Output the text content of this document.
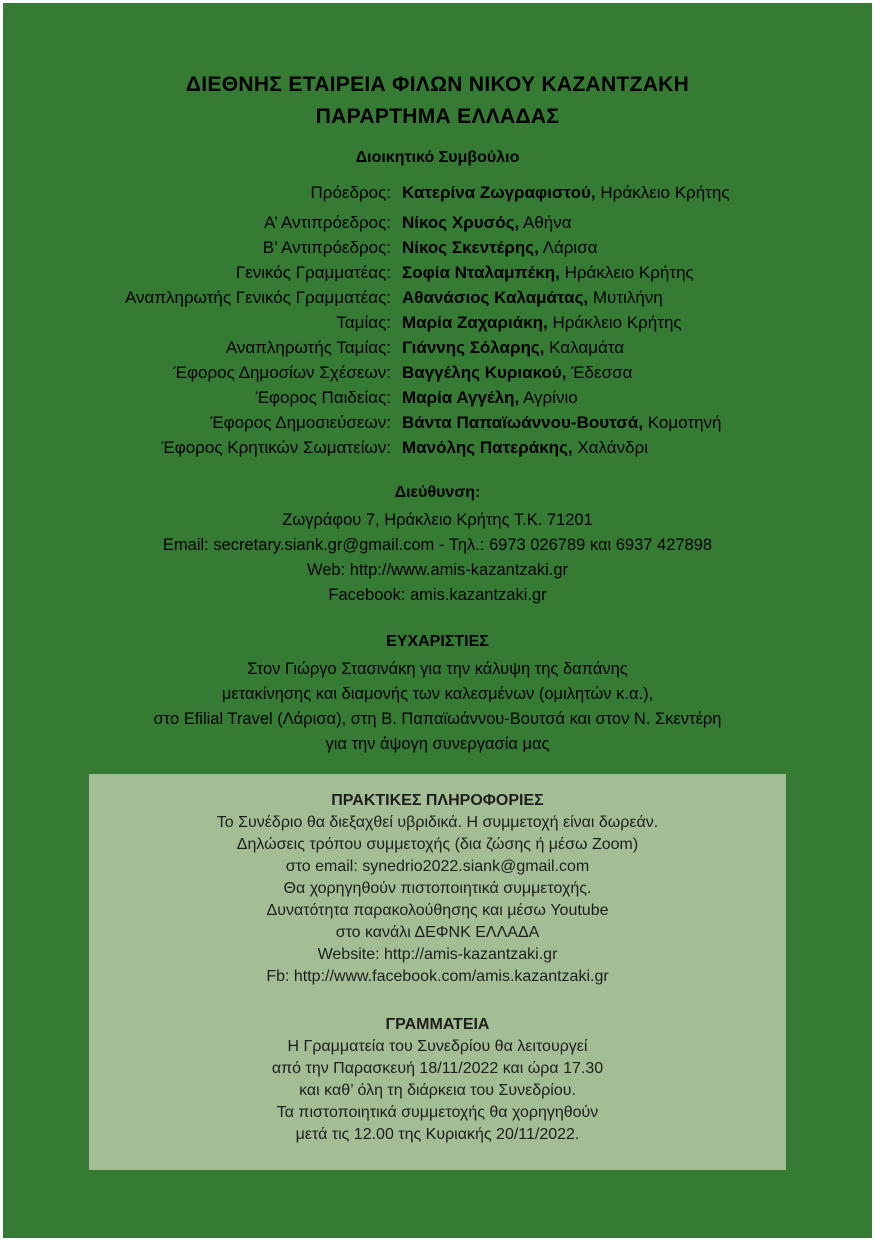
ΔΙΕΘΝΗΣ ΕΤΑΙΡΕΙΑ ΦΙΛΩΝ ΝΙΚΟΥ ΚΑΖΑΝΤΖΑΚΗ
ΠΑΡΑΡΤΗΜΑ ΕΛΛΑΔΑΣ
Διοικητικό Συμβούλιο
Πρόεδρος: Κατερίνα Ζωγραφιστού, Ηράκλειο Κρήτης
Α’ Αντιπρόεδρος: Νίκος Χρυσός, Αθήνα
Β’ Αντιπρόεδρος: Νίκος Σκεντέρης, Λάρισα
Γενικός Γραμματέας: Σοφία Νταλαμπέκη, Ηράκλειο Κρήτης
Αναπληρωτής Γενικός Γραμματέας: Αθανάσιος Καλαμάτας, Μυτιλήνη
Ταμίας: Μαρία Ζαχαριάκη, Ηράκλειο Κρήτης
Αναπληρωτής Ταμίας: Γιάννης Σόλαρης, Καλαμάτα
Έφορος Δημοσίων Σχέσεων: Βαγγέλης Κυριακού, Έδεσσα
Έφορος Παιδείας: Μαρία Αγγέλη, Αγρίνιο
Έφορος Δημοσιεύσεων: Βάντα Παπαϊωάννου-Βουτσά, Κομοτηνή
Έφορος Κρητικών Σωματείων: Μανόλης Πατεράκης, Χαλάνδρι
Διεύθυνση:
Ζωγράφου 7, Ηράκλειο Κρήτης Τ.Κ. 71201
Email: secretary.siank.gr@gmail.com - Τηλ.: 6973 026789 και 6937 427898
Web: http://www.amis-kazantzaki.gr
Facebook: amis.kazantzaki.gr
ΕΥΧΑΡΙΣΤΙΕΣ
Στον Γιώργο Στασινάκη για την κάλυψη της δαπάνης
μετακίνησης και διαμονής των καλεσμένων (ομιλητών κ.α.),
στο Efilial Travel (Λάρισα), στη Β. Παπαϊωάννου-Βουτσά και στον Ν. Σκεντέρη
για την άψογη συνεργασία μας
ΠΡΑΚΤΙΚΕΣ ΠΛΗΡΟΦΟΡΙΕΣ
Το Συνέδριο θα διεξαχθεί υβριδικά. Η συμμετοχή είναι δωρεάν.
Δηλώσεις τρόπου συμμετοχής (δια ζώσης ή μέσω Zoom)
στο email: synedrio2022.siank@gmail.com
Θα χορηγηθούν πιστοποιητικά συμμετοχής.
Δυνατότητα παρακολούθησης και μέσω Youtube
στο κανάλι ΔΕΦΝΚ ΕΛΛΑΔΑ
Website: http://amis-kazantzaki.gr
Fb: http://www.facebook.com/amis.kazantzaki.gr
ΓΡΑΜΜΑΤΕΙΑ
Η Γραμματεία του Συνεδρίου θα λειτουργεί
από την Παρασκευή 18/11/2022 και ώρα 17.30
και καθ’ όλη τη διάρκεια του Συνεδρίου.
Τα πιστοποιητικά συμμετοχής θα χορηγηθούν
μετά τις 12.00 της Κυριακής 20/11/2022.
